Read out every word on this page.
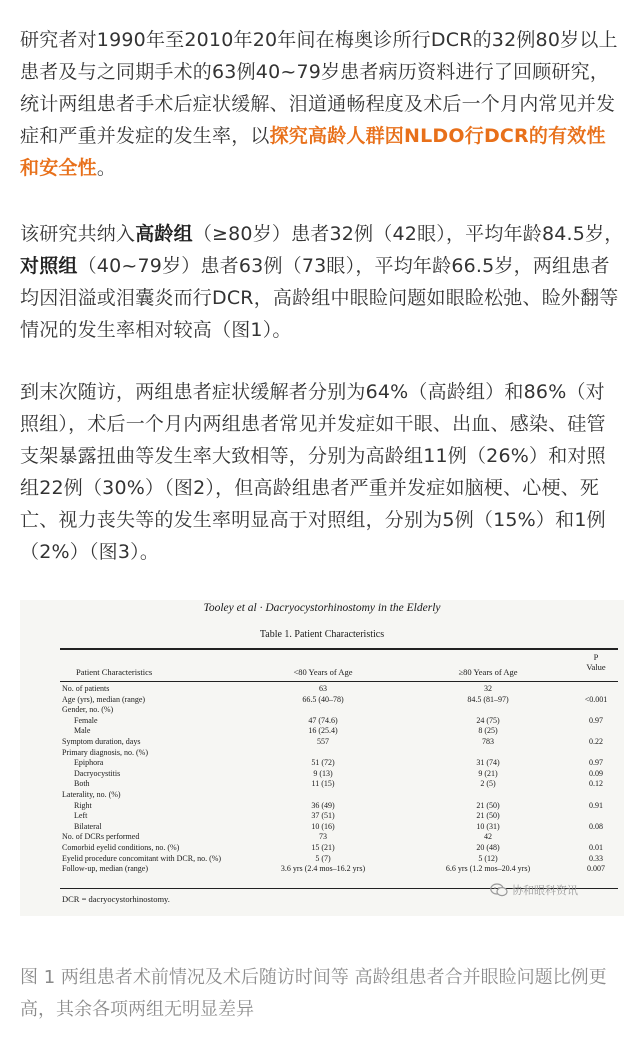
研究者对1990年至2010年20年间在梅奥诊所行DCR的32例80岁以上患者及与之同期手术的63例40~79岁患者病历资料进行了回顾研究，统计两组患者手术后症状缓解、泪道通畅程度及术后一个月内常见并发症和严重并发症的发生率，以探究高龄人群因NLDO行DCR的有效性和安全性。

该研究共纳入高龄组（≥80岁）患者32例（42眼），平均年龄84.5岁，对照组（40~79岁）患者63例（73眼），平均年龄66.5岁，两组患者均因泪溢或泪囊炎而行DCR，高龄组中眼睑问题如眼睑松弛、睑外翻等情况的发生率相对较高（图1）。

到末次随访，两组患者症状缓解者分别为64%（高龄组）和86%（对照组），术后一个月内两组患者常见并发症如干眼、出血、感染、硅管支架暴露扭曲等发生率大致相等，分别为高龄组11例（26%）和对照组22例（30%）（图2），但高龄组患者严重并发症如脑梗、心梗、死亡、视力丧失等的发生率明显高于对照组，分别为5例（15%）和1例（2%）（图3）。

Tooley et al · Dacryocystorhinostomy in the Elderly
Table 1. Patient Characteristics
Patient Characteristics	<80 Years of Age	≥80 Years of Age
P
Value
No. of patients	63	32
Age (yrs), median (range)	66.5 (40–78)	84.5 (81–97)	<0.001
Gender, no. (%)
Female	47 (74.6)	24 (75)	0.97
Male	16 (25.4)	8 (25)
Symptom duration, days	557	783	0.22
Primary diagnosis, no. (%)
Epiphora	51 (72)	31 (74)	0.97
Dacryocystitis	9 (13)	9 (21)	0.09
Both	11 (15)	2 (5)	0.12
Laterality, no. (%)
Right	36 (49)	21 (50)	0.91
Left	37 (51)	21 (50)
Bilateral	10 (16)	10 (31)	0.08
No. of DCRs performed	73	42
Comorbid eyelid conditions, no. (%)	15 (21)	20 (48)	0.01
Eyelid procedure concomitant with DCR, no. (%)	5 (7)	5 (12)	0.33
Follow-up, median (range)	3.6 yrs (2.4 mos–16.2 yrs)	6.6 yrs (1.2 mos–20.4 yrs)	0.007
DCR = dacryocystorhinostomy.
协和眼科资讯

图 1 两组患者术前情况及术后随访时间等 高龄组患者合并眼睑问题比例更高，其余各项两组无明显差异
